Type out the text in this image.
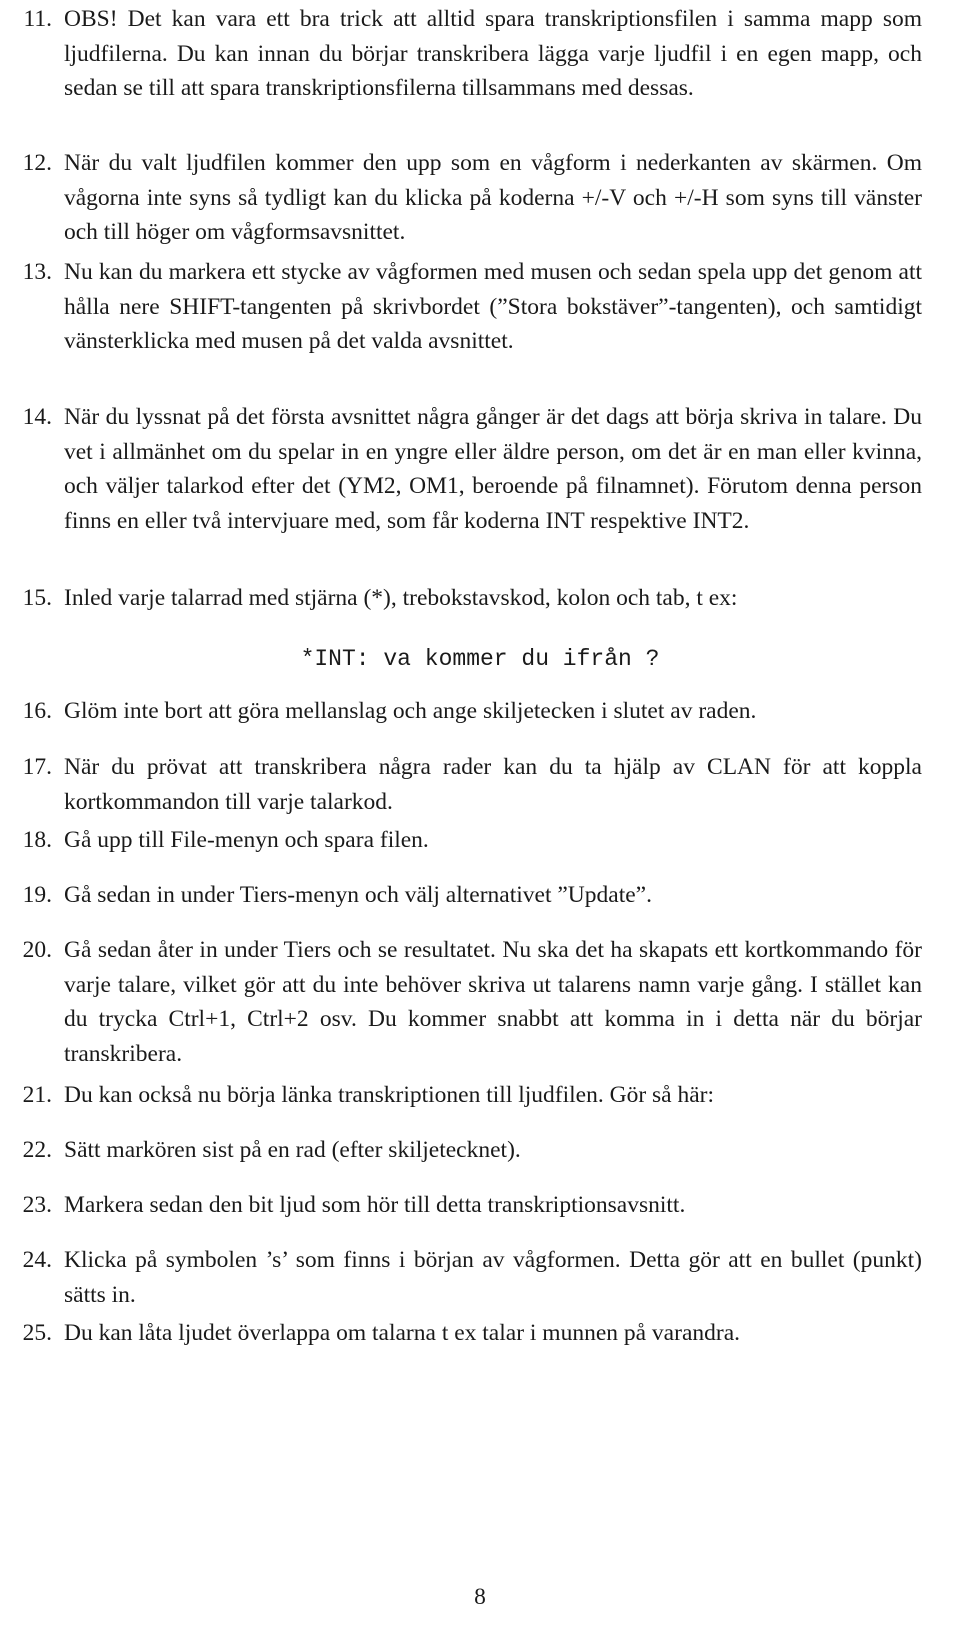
11. OBS! Det kan vara ett bra trick att alltid spara transkriptionsfilen i samma mapp som ljudfilerna. Du kan innan du börjar transkribera lägga varje ljudfil i en egen mapp, och sedan se till att spara transkriptionsfilerna tillsammans med dessas.
12. När du valt ljudfilen kommer den upp som en vågform i nederkanten av skärmen. Om vågorna inte syns så tydligt kan du klicka på koderna +/-V och +/-H som syns till vänster och till höger om vågformsavsnittet.
13. Nu kan du markera ett stycke av vågformen med musen och sedan spela upp det genom att hålla nere SHIFT-tangenten på skrivbordet (”Stora bokstäver”-tangenten), och samtidigt vänsterklicka med musen på det valda avsnittet.
14. När du lyssnat på det första avsnittet några gånger är det dags att börja skriva in talare. Du vet i allmänhet om du spelar in en yngre eller äldre person, om det är en man eller kvinna, och väljer talarkod efter det (YM2, OM1, beroende på filnamnet). Förutom denna person finns en eller två intervjuare med, som får koderna INT respektive INT2.
15. Inled varje talarrad med stjärna (*), trebokstavskod, kolon och tab, t ex:
*INT: va kommer du ifrån ?
16. Glöm inte bort att göra mellanslag och ange skiljetecken i slutet av raden.
17. När du prövat att transkribera några rader kan du ta hjälp av CLAN för att koppla kortkommandon till varje talarkod.
18. Gå upp till File-menyn och spara filen.
19. Gå sedan in under Tiers-menyn och välj alternativet ”Update”.
20. Gå sedan åter in under Tiers och se resultatet. Nu ska det ha skapats ett kortkommando för varje talare, vilket gör att du inte behöver skriva ut talarens namn varje gång. I stället kan du trycka Ctrl+1, Ctrl+2 osv. Du kommer snabbt att komma in i detta när du börjar transkribera.
21. Du kan också nu börja länka transkriptionen till ljudfilen. Gör så här:
22. Sätt markören sist på en rad (efter skiljetecknet).
23. Markera sedan den bit ljud som hör till detta transkriptionsavsnitt.
24. Klicka på symbolen ’s’ som finns i början av vågformen. Detta gör att en bullet (punkt) sätts in.
25. Du kan låta ljudet överlappa om talarna t ex talar i munnen på varandra.
8
